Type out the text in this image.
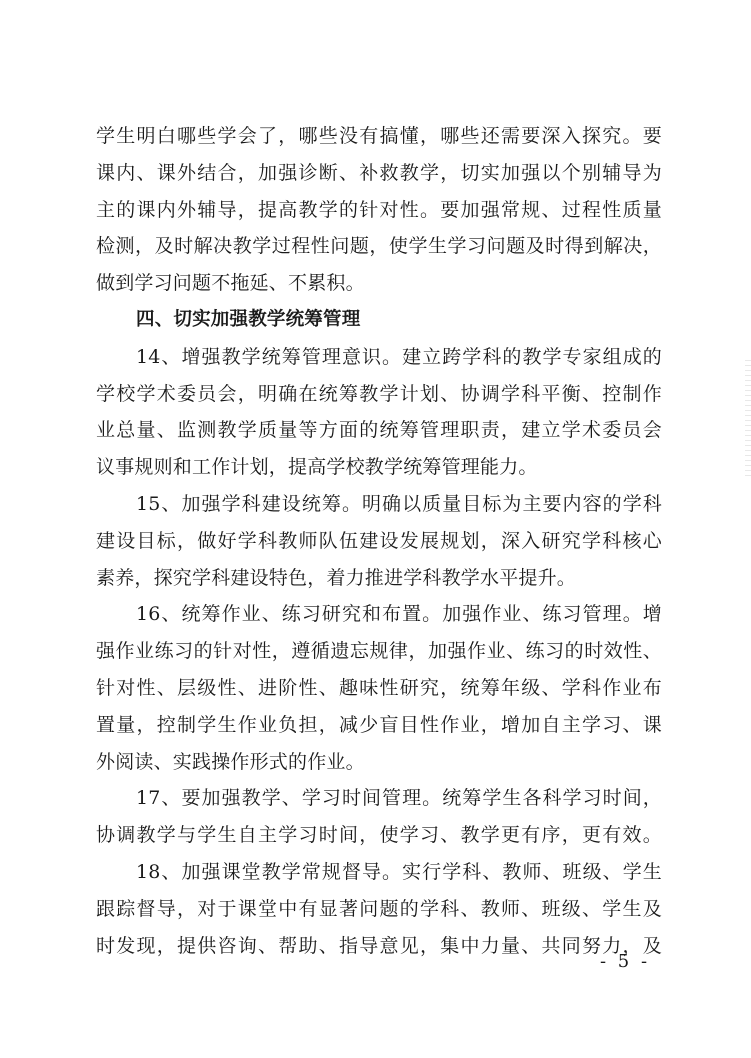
学生明白哪些学会了，哪些没有搞懂，哪些还需要深入探究。要
课内、课外结合，加强诊断、补救教学，切实加强以个别辅导为
主的课内外辅导，提高教学的针对性。要加强常规、过程性质量
检测，及时解决教学过程性问题，使学生学习问题及时得到解决，
做到学习问题不拖延、不累积。
四、切实加强教学统筹管理
14、增强教学统筹管理意识。建立跨学科的教学专家组成的
学校学术委员会，明确在统筹教学计划、协调学科平衡、控制作
业总量、监测教学质量等方面的统筹管理职责，建立学术委员会
议事规则和工作计划，提高学校教学统筹管理能力。
15、加强学科建设统筹。明确以质量目标为主要内容的学科
建设目标，做好学科教师队伍建设发展规划，深入研究学科核心
素养，探究学科建设特色，着力推进学科教学水平提升。
16、统筹作业、练习研究和布置。加强作业、练习管理。增
强作业练习的针对性，遵循遗忘规律，加强作业、练习的时效性、
针对性、层级性、进阶性、趣味性研究，统筹年级、学科作业布
置量，控制学生作业负担，减少盲目性作业，增加自主学习、课
外阅读、实践操作形式的作业。
17、要加强教学、学习时间管理。统筹学生各科学习时间，
协调教学与学生自主学习时间，使学习、教学更有序，更有效。
18、加强课堂教学常规督导。实行学科、教师、班级、学生
跟踪督导，对于课堂中有显著问题的学科、教师、班级、学生及
时发现，提供咨询、帮助、指导意见，集中力量、共同努力，及
- 5 -
